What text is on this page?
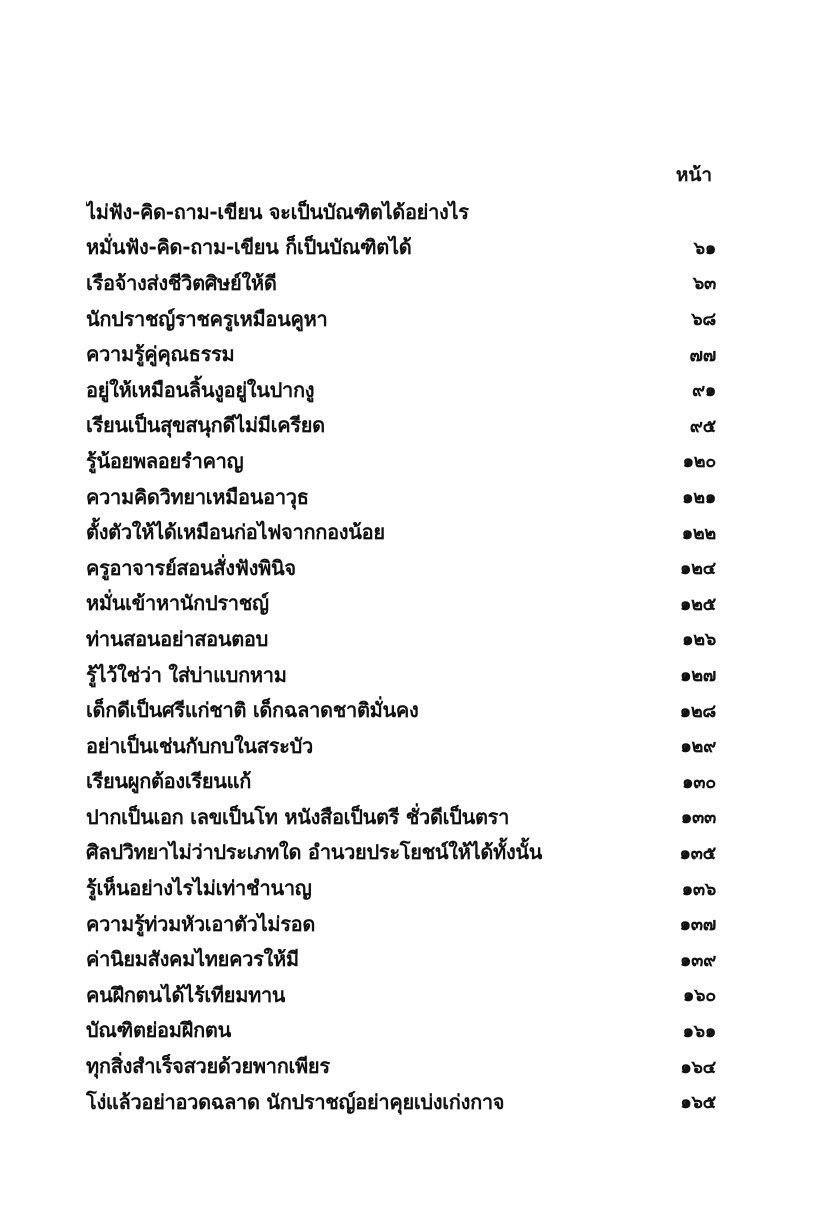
หน้า
ไม่ฟัง-คิด-ถาม-เขียน จะเป็นบัณฑิตได้อย่างไร
หมั่นฟัง-คิด-ถาม-เขียน ก็เป็นบัณฑิตได้	๖๑
เรือจ้างส่งชีวิตศิษย์ให้ดี	๖๓
นักปราชญ์ราชครูเหมือนคูหา	๖๘
ความรู้คู่คุณธรรม	๗๗
อยู่ให้เหมือนลิ้นงูอยู่ในปากงู	๙๑
เรียนเป็นสุขสนุกดีไม่มีเครียด	๙๕
รู้น้อยพลอยรำคาญ	๑๒๐
ความคิดวิทยาเหมือนอาวุธ	๑๒๑
ตั้งตัวให้ได้เหมือนก่อไฟจากกองน้อย	๑๒๒
ครูอาจารย์สอนสั่งฟังพินิจ	๑๒๔
หมั่นเข้าหานักปราชญ์	๑๒๕
ท่านสอนอย่าสอนตอบ	๑๒๖
รู้ไว้ใช่ว่า ใส่บ่าแบกหาม	๑๒๗
เด็กดีเป็นศรีแก่ชาติ เด็กฉลาดชาติมั่นคง	๑๒๘
อย่าเป็นเช่นกับกบในสระบัว	๑๒๙
เรียนผูกต้องเรียนแก้	๑๓๐
ปากเป็นเอก เลขเป็นโท หนังสือเป็นตรี ชั่วดีเป็นตรา	๑๓๓
ศิลปวิทยาไม่ว่าประเภทใด อำนวยประโยชน์ให้ได้ทั้งนั้น	๑๓๕
รู้เห็นอย่างไรไม่เท่าชำนาญ	๑๓๖
ความรู้ท่วมหัวเอาตัวไม่รอด	๑๓๗
ค่านิยมสังคมไทยควรให้มี	๑๓๙
คนฝึกตนได้ไร้เทียมทาน	๑๖๐
บัณฑิตย่อมฝึกตน	๑๖๑
ทุกสิ่งสำเร็จสวยด้วยพากเพียร	๑๖๔
โง่แล้วอย่าอวดฉลาด นักปราชญ์อย่าคุยเบ่งเก่งกาจ	๑๖๕
